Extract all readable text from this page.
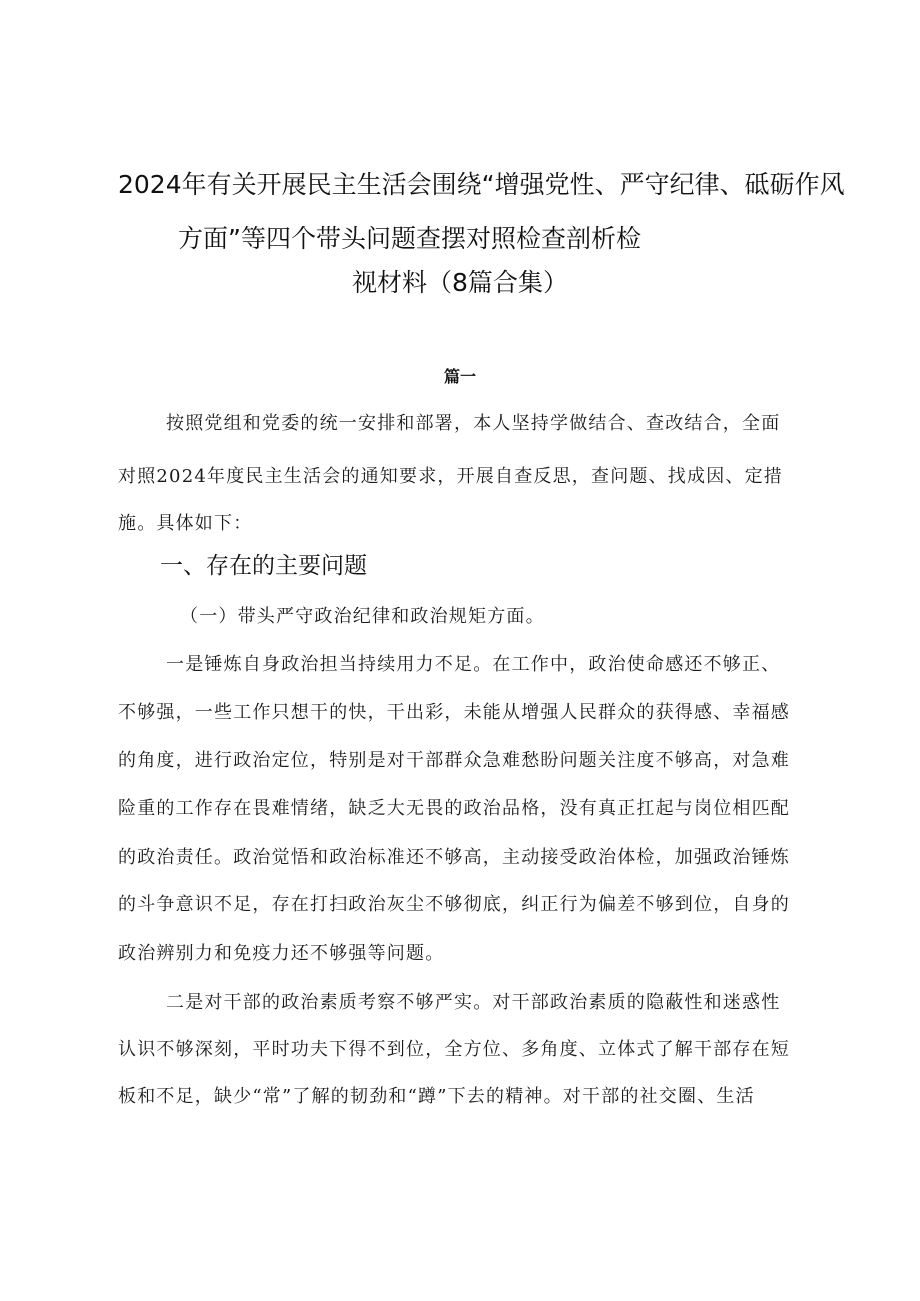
2024年有关开展民主生活会围绕“增强党性、严守纪律、砥砺作风
方面”等四个带头问题查摆对照检查剖析检
视材料（8篇合集）
篇一
按照党组和党委的统一安排和部署，本人坚持学做结合、查改结合，全面
对照2024年度民主生活会的通知要求，开展自查反思，查问题、找成因、定措
施。具体如下：
一、存在的主要问题
（一）带头严守政治纪律和政治规矩方面。
一是锤炼自身政治担当持续用力不足。在工作中，政治使命感还不够正、
不够强，一些工作只想干的快，干出彩，未能从增强人民群众的获得感、幸福感
的角度，进行政治定位，特别是对干部群众急难愁盼问题关注度不够高，对急难
险重的工作存在畏难情绪，缺乏大无畏的政治品格，没有真正扛起与岗位相匹配
的政治责任。政治觉悟和政治标准还不够高，主动接受政治体检，加强政治锤炼
的斗争意识不足，存在打扫政治灰尘不够彻底，纠正行为偏差不够到位，自身的
政治辨别力和免疫力还不够强等问题。
二是对干部的政治素质考察不够严实。对干部政治素质的隐蔽性和迷惑性
认识不够深刻，平时功夫下得不到位，全方位、多角度、立体式了解干部存在短
板和不足，缺少“常”了解的韧劲和“蹲”下去的精神。对干部的社交圈、生活
